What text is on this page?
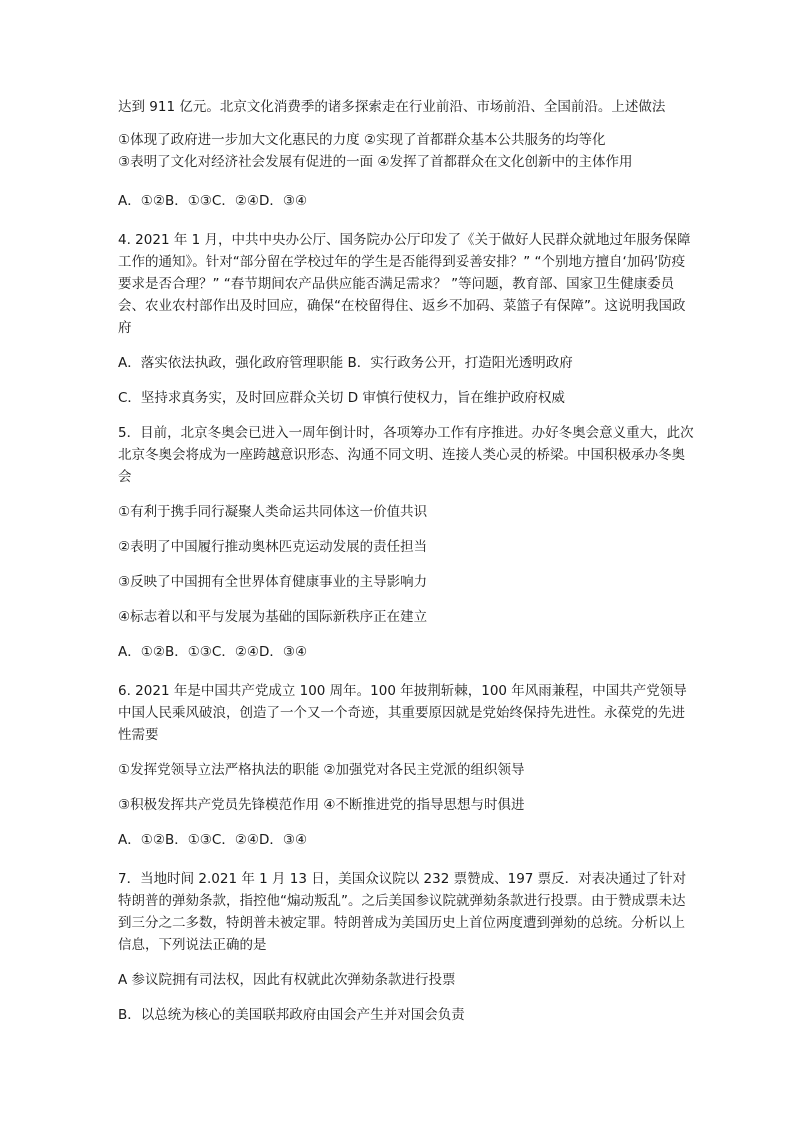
达到 911 亿元。北京文化消费季的诸多探索走在行业前沿、市场前沿、全国前沿。上述做法

①体现了政府进一步加大文化惠民的力度 ②实现了首都群众基本公共服务的均等化

③表明了文化对经济社会发展有促进的一面 ④发挥了首都群众在文化创新中的主体作用

A．①②B．①③C．②④D．③④

4. 2021 年 1 月，中共中央办公厅、国务院办公厅印发了《关于做好人民群众就地过年服务保障工作的通知》。针对“部分留在学校过年的学生是否能得到妥善安排？” “个别地方擅自‘加码’防疫要求是否合理？” “春节期间农产品供应能否满足需求？ ”等问题，教育部、国家卫生健康委员会、农业农村部作出及时回应，确保“在校留得住、返乡不加码、菜篮子有保障”。这说明我国政府

A．落实依法执政，强化政府管理职能 B．实行政务公开，打造阳光透明政府

C．坚持求真务实，及时回应群众关切 D 审慎行使权力，旨在维护政府权威

5．目前，北京冬奥会已进入一周年倒计时，各项筹办工作有序推进。办好冬奥会意义重大，此次北京冬奥会将成为一座跨越意识形态、沟通不同文明、连接人类心灵的桥梁。中国积极承办冬奥会

①有利于携手同行凝聚人类命运共同体这一价值共识

②表明了中国履行推动奥林匹克运动发展的责任担当

③反映了中国拥有全世界体育健康事业的主导影响力

④标志着以和平与发展为基础的国际新秩序正在建立

A．①②B．①③C．②④D．③④

6. 2021 年是中国共产党成立 100 周年。100 年披荆斩棘，100 年风雨兼程，中国共产党领导中国人民乘风破浪，创造了一个又一个奇迹，其重要原因就是党始终保持先进性。永葆党的先进性需要

①发挥党领导立法严格执法的职能 ②加强党对各民主党派的组织领导

③积极发挥共产党员先锋模范作用 ④不断推进党的指导思想与时俱进

A．①②B．①③C．②④D．③④

7．当地时间 2.021 年 1 月 13 日，美国众议院以 232 票赞成、197 票反．对表决通过了针对特朗普的弹劾条款，指控他“煽动叛乱”。之后美国参议院就弹劾条款进行投票。由于赞成票未达到三分之二多数，特朗普未被定罪。特朗普成为美国历史上首位两度遭到弹劾的总统。分析以上信息，下列说法正确的是

A 参议院拥有司法权，因此有权就此次弹劾条款进行投票

B．以总统为核心的美国联邦政府由国会产生并对国会负责
